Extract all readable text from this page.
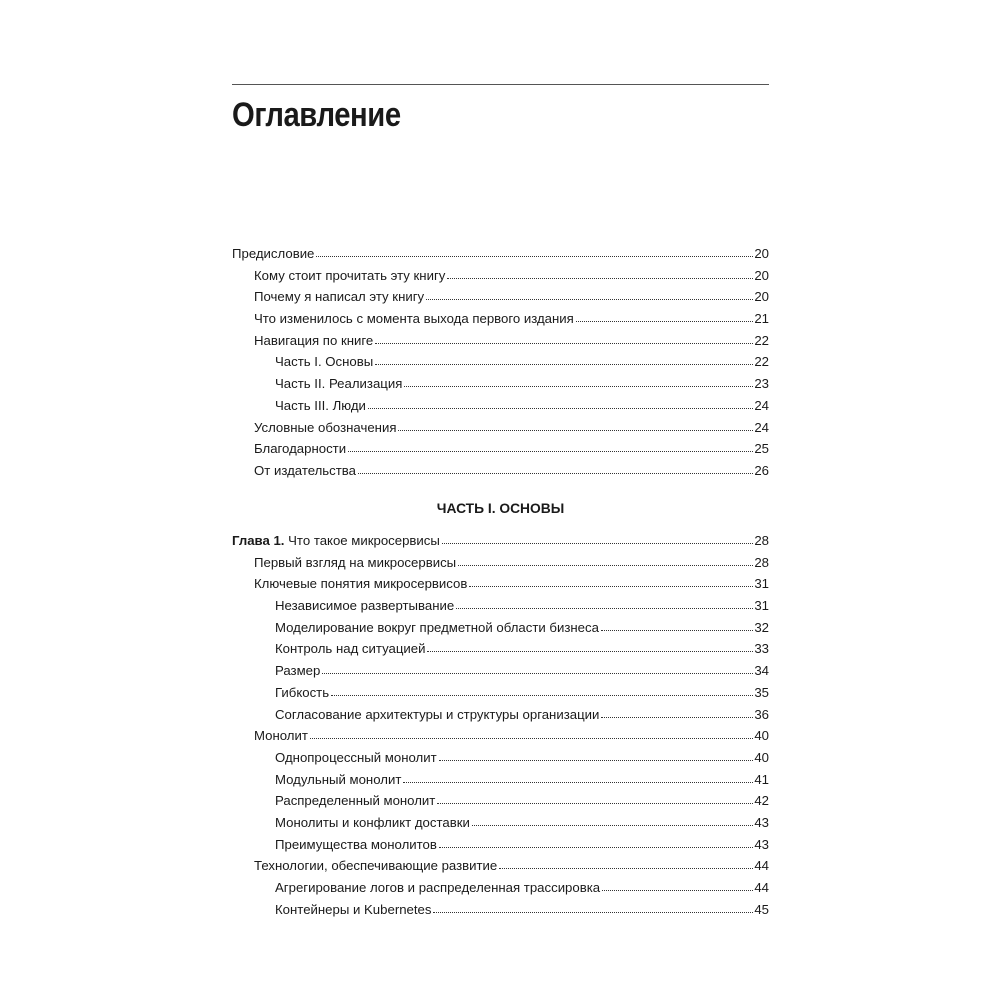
Оглавление
Предисловие	20
Кому стоит прочитать эту книгу	20
Почему я написал эту книгу	20
Что изменилось с момента выхода первого издания	21
Навигация по книге	22
Часть I. Основы	22
Часть II. Реализация	23
Часть III. Люди	24
Условные обозначения	24
Благодарности	25
От издательства	26
ЧАСТЬ I. ОСНОВЫ
Глава 1. Что такое микросервисы	28
Первый взгляд на микросервисы	28
Ключевые понятия микросервисов	31
Независимое развертывание	31
Моделирование вокруг предметной области бизнеса	32
Контроль над ситуацией	33
Размер	34
Гибкость	35
Согласование архитектуры и структуры организации	36
Монолит	40
Однопроцессный монолит	40
Модульный монолит	41
Распределенный монолит	42
Монолиты и конфликт доставки	43
Преимущества монолитов	43
Технологии, обеспечивающие развитие	44
Агрегирование логов и распределенная трассировка	44
Контейнеры и Kubernetes	45
